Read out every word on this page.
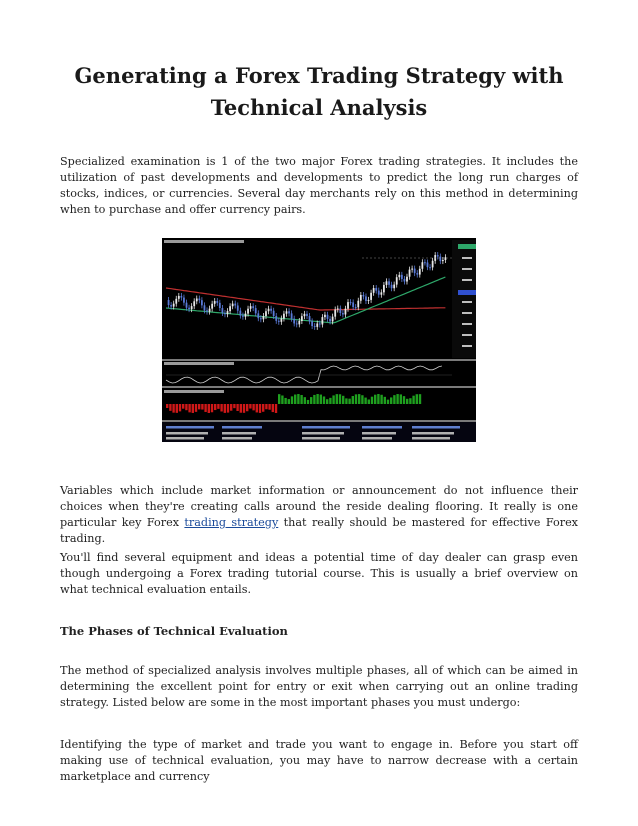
Generating a Forex Trading Strategy with Technical Analysis

Specialized examination is 1 of the two major Forex trading strategies. It includes the utilization of past developments and developments to predict the long run charges of stocks, indices, or currencies. Several day merchants rely on this method in determining when to purchase and offer currency pairs.

Variables which include market information or announcement do not influence their choices when they're creating calls around the reside dealing flooring. It really is one particular key Forex trading strategy that really should be mastered for effective Forex trading.

You'll find several equipment and ideas a potential time of day dealer can grasp even though undergoing a Forex trading tutorial course. This is usually a brief overview on what technical evaluation entails.

The Phases of Technical Evaluation

The method of specialized analysis involves multiple phases, all of which can be aimed in determining the excellent point for entry or exit when carrying out an online trading strategy. Listed below are some in the most important phases you must undergo:

Identifying the type of market and trade you want to engage in. Before you start off making use of technical evaluation, you may have to narrow decrease with a certain marketplace and currency
